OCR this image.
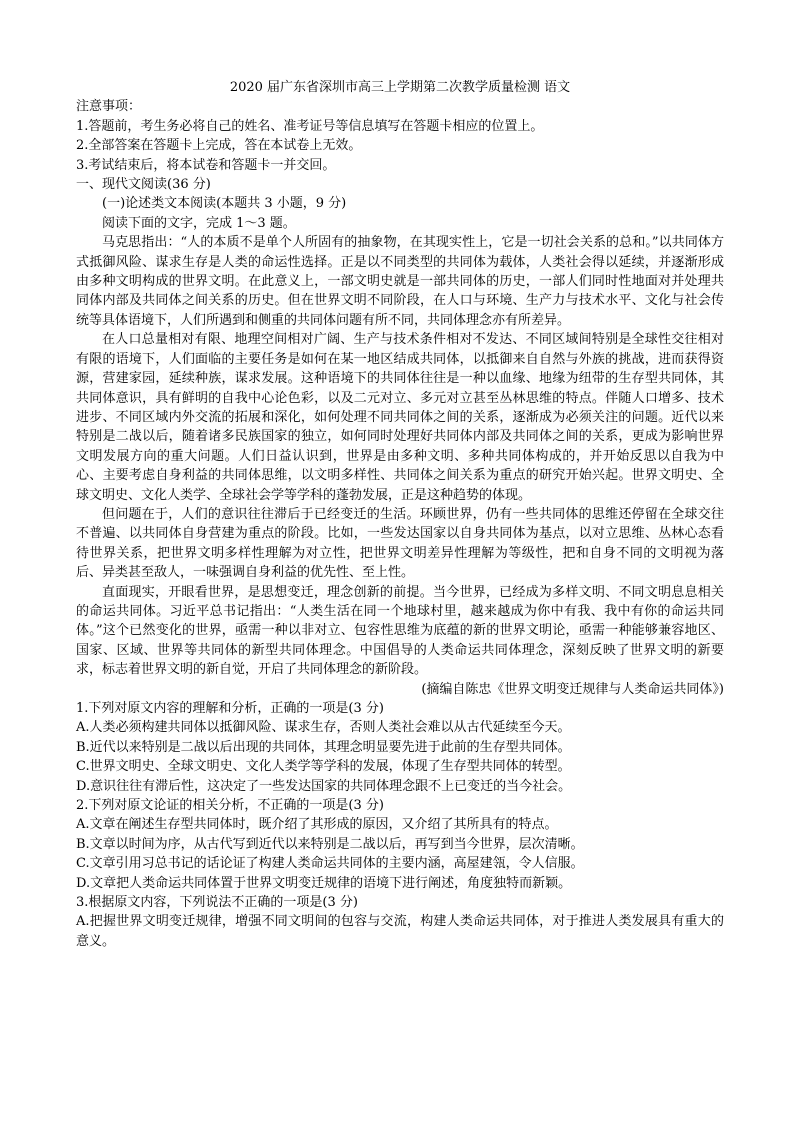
2020 届广东省深圳市高三上学期第二次教学质量检测 语文

注意事项：

1.答题前，考生务必将自己的姓名、准考证号等信息填写在答题卡相应的位置上。

2.全部答案在答题卡上完成，答在本试卷上无效。

3.考试结束后，将本试卷和答题卡一并交回。

一、现代文阅读(36 分)

(一)论述类文本阅读(本题共 3 小题，9 分)

阅读下面的文字，完成 1～3 题。

马克思指出：“人的本质不是单个人所固有的抽象物，在其现实性上，它是一切社会关系的总和。”以共同体方式抵御风险、谋求生存是人类的命运性选择。正是以不同类型的共同体为载体，人类社会得以延续，并逐渐形成由多种文明构成的世界文明。在此意义上，一部文明史就是一部共同体的历史，一部人们同时性地面对并处理共同体内部及共同体之间关系的历史。但在世界文明不同阶段，在人口与环境、生产力与技术水平、文化与社会传统等具体语境下，人们所遇到和侧重的共同体问题有所不同，共同体理念亦有所差异。

在人口总量相对有限、地理空间相对广阔、生产与技术条件相对不发达、不同区域间特别是全球性交往相对有限的语境下，人们面临的主要任务是如何在某一地区结成共同体，以抵御来自自然与外族的挑战，进而获得资源，营建家园，延续种族，谋求发展。这种语境下的共同体往往是一种以血缘、地缘为纽带的生存型共同体，其共同体意识，具有鲜明的自我中心论色彩，以及二元对立、多元对立甚至丛林思维的特点。伴随人口增多、技术进步、不同区域内外交流的拓展和深化，如何处理不同共同体之间的关系，逐渐成为必须关注的问题。近代以来特别是二战以后，随着诸多民族国家的独立，如何同时处理好共同体内部及共同体之间的关系，更成为影响世界文明发展方向的重大问题。人们日益认识到，世界是由多种文明、多种共同体构成的，并开始反思以自我为中心、主要考虑自身利益的共同体思维，以文明多样性、共同体之间关系为重点的研究开始兴起。世界文明史、全球文明史、文化人类学、全球社会学等学科的蓬勃发展，正是这种趋势的体现。

但问题在于，人们的意识往往滞后于已经变迁的生活。环顾世界，仍有一些共同体的思维还停留在全球交往不普遍、以共同体自身营建为重点的阶段。比如，一些发达国家以自身共同体为基点，以对立思维、丛林心态看待世界关系，把世界文明多样性理解为对立性，把世界文明差异性理解为等级性，把和自身不同的文明视为落后、异类甚至敌人，一味强调自身利益的优先性、至上性。

直面现实，开眼看世界，是思想变迁，理念创新的前提。当今世界，已经成为多样文明、不同文明息息相关的命运共同体。习近平总书记指出：“人类生活在同一个地球村里，越来越成为你中有我、我中有你的命运共同体。”这个已然变化的世界，亟需一种以非对立、包容性思维为底蕴的新的世界文明论，亟需一种能够兼容地区、国家、区域、世界等共同体的新型共同体理念。中国倡导的人类命运共同体理念，深刻反映了世界文明的新要求，标志着世界文明的新自觉，开启了共同体理念的新阶段。

(摘编自陈忠《世界文明变迁规律与人类命运共同体》)

1.下列对原文内容的理解和分析，正确的一项是(3 分)

A.人类必须构建共同体以抵御风险、谋求生存，否则人类社会难以从古代延续至今天。

B.近代以来特别是二战以后出现的共同体，其理念明显要先进于此前的生存型共同体。

C.世界文明史、全球文明史、文化人类学等学科的发展，体现了生存型共同体的转型。

D.意识往往有滞后性，这决定了一些发达国家的共同体理念跟不上已变迁的当今社会。

2.下列对原文论证的相关分析，不正确的一项是(3 分)

A.文章在阐述生存型共同体时，既介绍了其形成的原因，又介绍了其所具有的特点。

B.文章以时间为序，从古代写到近代以来特别是二战以后，再写到当今世界，层次清晰。

C.文章引用习总书记的话论证了构建人类命运共同体的主要内涵，高屋建瓴，令人信服。

D.文章把人类命运共同体置于世界文明变迁规律的语境下进行阐述，角度独特而新颖。

3.根据原文内容，下列说法不正确的一项是(3 分)

A.把握世界文明变迁规律，增强不同文明间的包容与交流，构建人类命运共同体，对于推进人类发展具有重大的意义。
